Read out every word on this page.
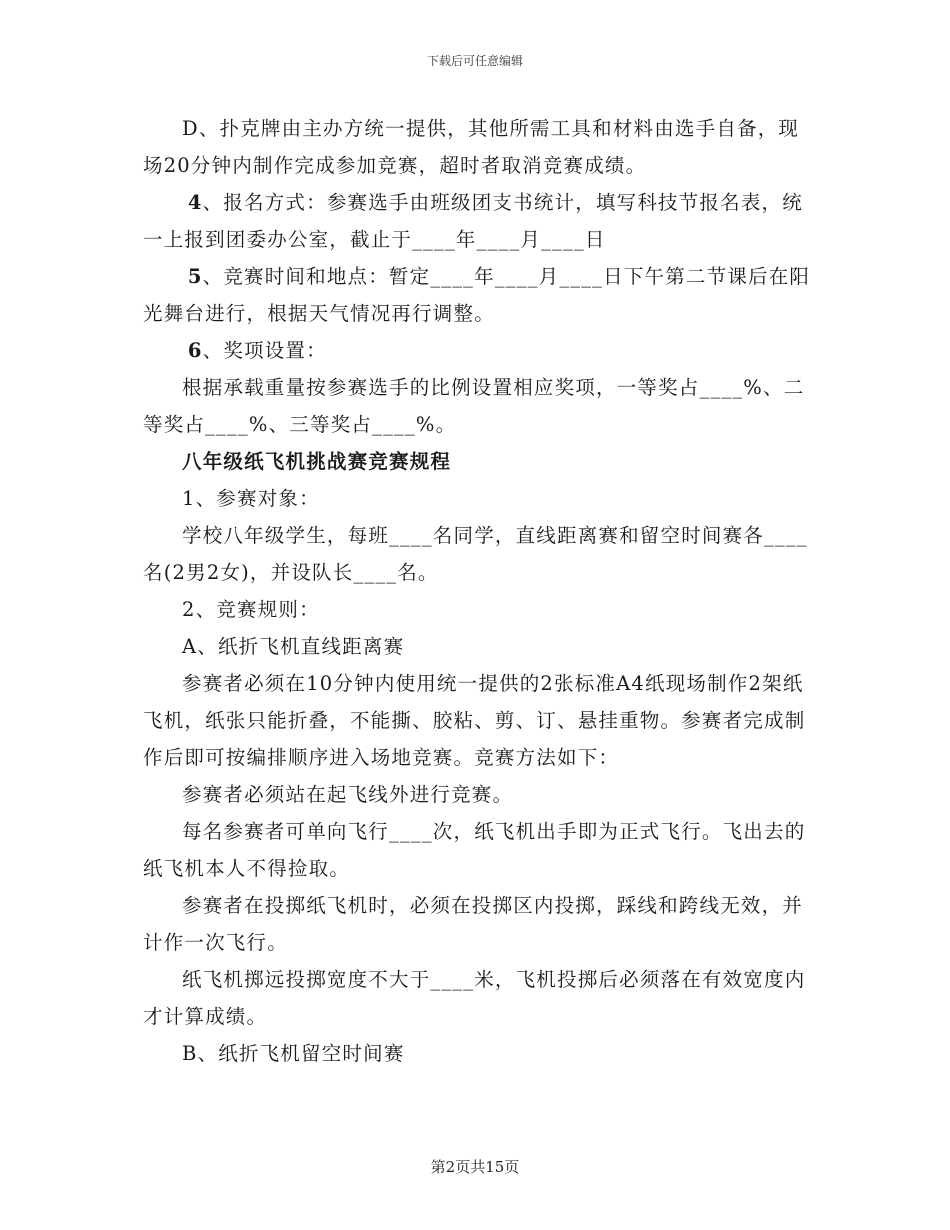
下载后可任意编辑

D、扑克牌由主办方统一提供，其他所需工具和材料由选手自备，现场20分钟内制作完成参加竞赛，超时者取消竞赛成绩。

4、报名方式：参赛选手由班级团支书统计，填写科技节报名表，统一上报到团委办公室，截止于____年____月____日

5、竞赛时间和地点：暂定____年____月____日下午第二节课后在阳光舞台进行，根据天气情况再行调整。

6、奖项设置：

根据承载重量按参赛选手的比例设置相应奖项，一等奖占____%、二等奖占____%、三等奖占____%。

八年级纸飞机挑战赛竞赛规程

1、参赛对象：

学校八年级学生，每班____名同学，直线距离赛和留空时间赛各____名(2男2女)，并设队长____名。

2、竞赛规则：

A、纸折飞机直线距离赛

参赛者必须在10分钟内使用统一提供的2张标准A4纸现场制作2架纸飞机，纸张只能折叠，不能撕、胶粘、剪、订、悬挂重物。参赛者完成制作后即可按编排顺序进入场地竞赛。竞赛方法如下：

参赛者必须站在起飞线外进行竞赛。

每名参赛者可单向飞行____次，纸飞机出手即为正式飞行。飞出去的纸飞机本人不得捡取。

参赛者在投掷纸飞机时，必须在投掷区内投掷，踩线和跨线无效，并计作一次飞行。

纸飞机掷远投掷宽度不大于____米，飞机投掷后必须落在有效宽度内才计算成绩。

B、纸折飞机留空时间赛

第2页共15页
